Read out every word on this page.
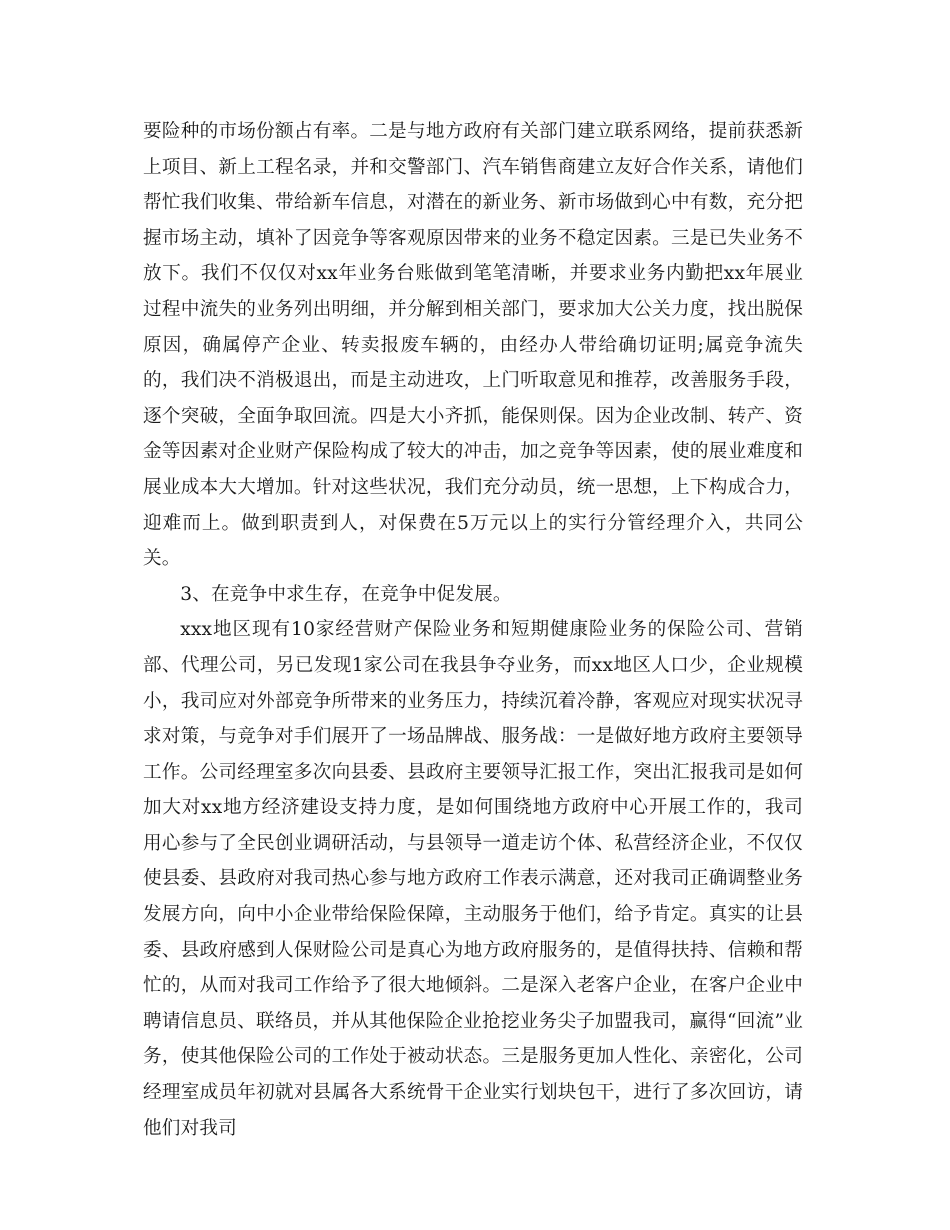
要险种的市场份额占有率。二是与地方政府有关部门建立联系网络，提前获悉新上项目、新上工程名录，并和交警部门、汽车销售商建立友好合作关系，请他们帮忙我们收集、带给新车信息，对潜在的新业务、新市场做到心中有数，充分把握市场主动，填补了因竞争等客观原因带来的业务不稳定因素。三是已失业务不放下。我们不仅仅对xx年业务台账做到笔笔清晰，并要求业务内勤把xx年展业过程中流失的业务列出明细，并分解到相关部门，要求加大公关力度，找出脱保原因，确属停产企业、转卖报废车辆的，由经办人带给确切证明;属竞争流失的，我们决不消极退出，而是主动进攻，上门听取意见和推荐，改善服务手段，逐个突破，全面争取回流。四是大小齐抓，能保则保。因为企业改制、转产、资金等因素对企业财产保险构成了较大的冲击，加之竞争等因素，使的展业难度和展业成本大大增加。针对这些状况，我们充分动员，统一思想，上下构成合力，迎难而上。做到职责到人，对保费在5万元以上的实行分管经理介入，共同公关。

3、在竞争中求生存，在竞争中促发展。

xxx地区现有10家经营财产保险业务和短期健康险业务的保险公司、营销部、代理公司，另已发现1家公司在我县争夺业务，而xx地区人口少，企业规模小，我司应对外部竞争所带来的业务压力，持续沉着冷静，客观应对现实状况寻求对策，与竞争对手们展开了一场品牌战、服务战：一是做好地方政府主要领导工作。公司经理室多次向县委、县政府主要领导汇报工作，突出汇报我司是如何加大对xx地方经济建设支持力度，是如何围绕地方政府中心开展工作的，我司用心参与了全民创业调研活动，与县领导一道走访个体、私营经济企业，不仅仅使县委、县政府对我司热心参与地方政府工作表示满意，还对我司正确调整业务发展方向，向中小企业带给保险保障，主动服务于他们，给予肯定。真实的让县委、县政府感到人保财险公司是真心为地方政府服务的，是值得扶持、信赖和帮忙的，从而对我司工作给予了很大地倾斜。二是深入老客户企业，在客户企业中聘请信息员、联络员，并从其他保险企业抢挖业务尖子加盟我司，赢得“回流”业务，使其他保险公司的工作处于被动状态。三是服务更加人性化、亲密化，公司经理室成员年初就对县属各大系统骨干企业实行划块包干，进行了多次回访，请他们对我司
